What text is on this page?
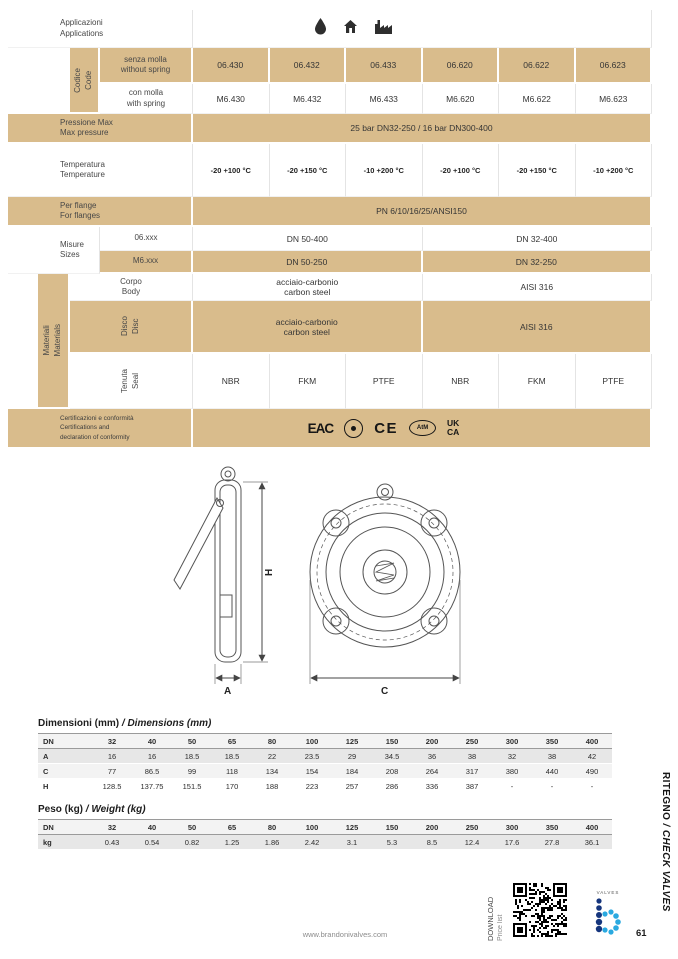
Applicazioni
Applications
Codice Code
senza molla
without spring	06.430	06.432	06.433	06.620	06.622	06.623
con molla
with spring	M6.430	M6.432	M6.433	M6.620	M6.622	M6.623
Pressione Max
Max pressure	25 bar DN32-250 / 16 bar DN300-400
Temperatura
Temperature	-20 +100 °C	-20 +150 °C	-10 +200 °C	-20 +100 °C	-20 +150 °C	-10 +200 °C
Per flange
For flanges	PN 6/10/16/25/ANSI150
Misure
Sizes
06.xxx	DN 50-400	DN 32-400
M6.xxx	DN 50-250	DN 32-250
Materiali Materials
Corpo
Body
acciaio-carbonio
carbon steel	AISI 316
Disco Disc	acciaio-carbonio
carbon steel	AISI 316
Tenuta Seal	NBR	FKM	PTFE	NBR	FKM	PTFE
Certificazioni e conformità
Certifications and
declaration of conformity
EAC	CE	AtM	UK
CA
H
A	C
Dimensioni (mm) / Dimensions (mm)
DN	32	40	50	65	80	100	125	150	200	250	300	350	400
A	16	16	18.5	18.5	22	23.5	29	34.5	36	38	32	38	42
C	77	86.5	99	118	134	154	184	208	264	317	380	440	490
H	128.5	137.75	151.5	170	188	223	257	286	336	387	-	-	-
Peso (kg) / Weight (kg)
DN	32	40	50	65	80	100	125	150	200	250	300	350	400
kg	0.43	0.54	0.82	1.25	1.86	2.42	3.1	5.3	8.5	12.4	17.6	27.8	36.1
RITEGNO / CHECK VALVES
www.brandonivalves.com	DOWNLOAD Price list
VALVES
61
